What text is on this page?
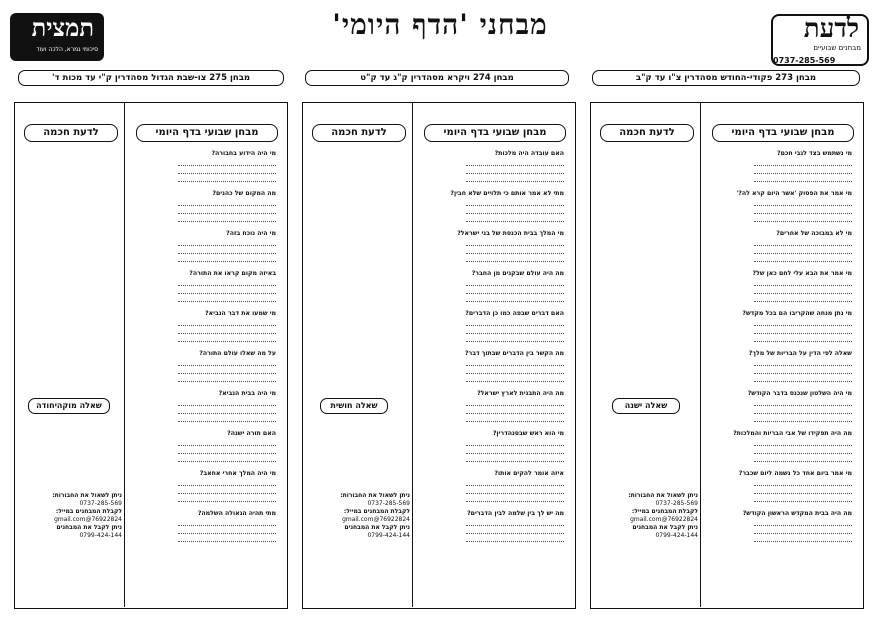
לדעת
מבחנים שבועיים
0737-285-569
מבחני 'הדף היומי'
תמצית
סיכומי גמרא, הלכה ועוד
מבחן 273 פקודי-החודש מסהדרין צ"ו עד ק"ב
מבחן 274 ויקרא מסהדרין ק"ג עד ק"ט
מבחן 275 צו-שבת הגדול מסהדרין ק"י עד מכות ד'
מבחן שבועי בדף היומי
לדעת חכמה
מבחן שבועי בדף היומי
לדעת חכמה
מבחן שבועי בדף היומי
לדעת חכמה
מי נשתמש בצד לגבי חכם?
מי אמר את הפסוק 'אשר היום קרא לה?'
מי לא במבוכה של אחרים?
מי אמר את הבא עלי לחם כאן של?
מי נתן מנחה שהקריבו הם בכל מקדש?
שאלה לפי הדין על הבריות של מלך?
מי היה השלטון שנכנס בדבר הקודש?
מה היה תפקידו של אבי הבריות והמלכות?
מי אמר ביום אחד כל נשמה ליום שכבר?
מה היה בבית המקדש הראשון הקודש?
האם עובדה היה מלכות?
מתי לא אמר אותם כי תלויים שלא חבין?
מי המלך בבית הכנסת של בני ישראל?
מה היה עולם שבקנים מן החבר?
האם דברים שבפה כמו כן הדברים?
מה הקשר בין הדברים שבתוך דבר?
מה היה התבנית לארץ ישראל?
מי הוא ראש שבסנהדרין?
איזה אומר להקים אותו?
מה יש לך בין שלמה לבין הדברים?
מי היה הידוע בחבורה?
מה המקום של כהנים?
מי היה נוכח בזה?
באיזה מקום קראו את התורה?
מי שמעו את דבר הנביא?
על מה שאלו עולם התורה?
מי היה בבית הנביא?
האם תורה ישנה?
מי היה המלך אחרי אחאב?
מתי תהיה הגאולה השלמה?
שאלה ישנה
שאלה חושית
שאלה מוקהיחודה
ניתן לשאול את החבורות:
0737-285-569
לקבלת המבחנים במייל:
76922824@gmail.com
ניתן לקבל את המבחנים
0799-424-144
ניתן לשאול את החבורות:
0737-285-569
לקבלת המבחנים במייל:
76922824@gmail.com
ניתן לקבל את המבחנים
0799-424-144
ניתן לשאול את החבורות:
0737-285-569
לקבלת המבחנים במייל:
76922824@gmail.com
ניתן לקבל את המבחנים
0799-424-144
